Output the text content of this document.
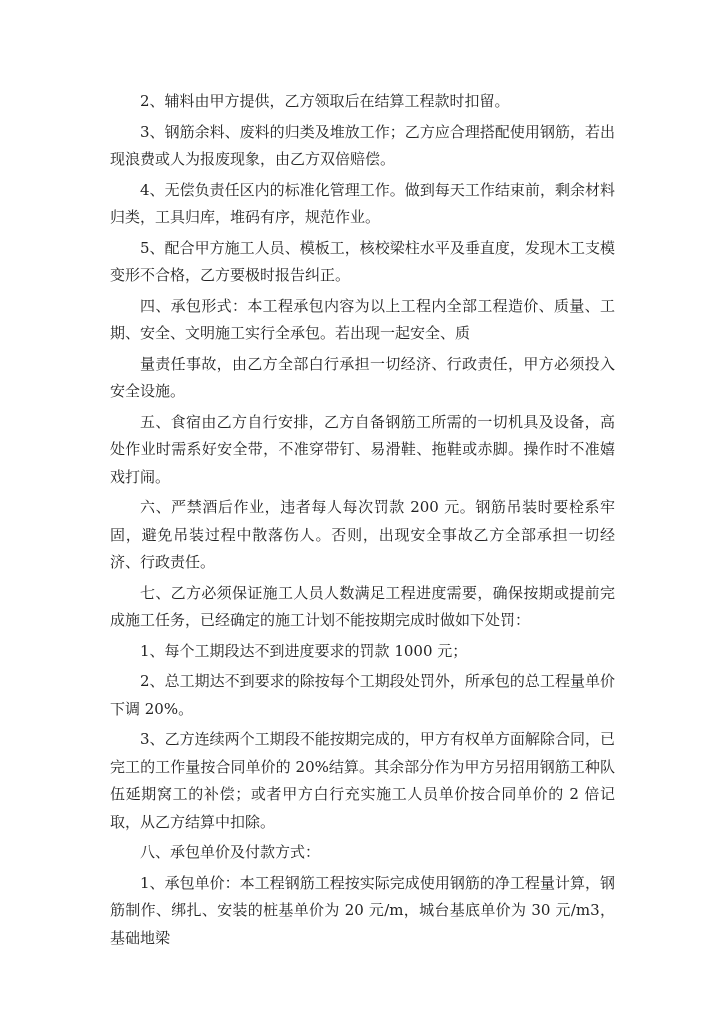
2、辅料由甲方提供，乙方领取后在结算工程款时扣留。

3、钢筋余料、废料的归类及堆放工作；乙方应合理搭配使用钢筋，若出现浪费或人为报废现象，由乙方双倍赔偿。

4、无偿负责任区内的标准化管理工作。做到每天工作结束前，剩余材料归类，工具归库，堆码有序，规范作业。

5、配合甲方施工人员、模板工，核校梁柱水平及垂直度，发现木工支模变形不合格，乙方要极时报告纠正。

四、承包形式：本工程承包内容为以上工程内全部工程造价、质量、工期、安全、文明施工实行全承包。若出现一起安全、质

量责任事故，由乙方全部白行承担一切经济、行政责任，甲方必须投入安全设施。

五、食宿由乙方自行安排，乙方自备钢筋工所需的一切机具及设备，高处作业时需系好安全带，不准穿带钉、易滑鞋、拖鞋或赤脚。操作时不准嬉戏打闹。

六、严禁酒后作业，违者每人每次罚款 200 元。钢筋吊装时要栓系牢固，避免吊装过程中散落伤人。否则，出现安全事故乙方全部承担一切经济、行政责任。

七、乙方必须保证施工人员人数满足工程进度需要，确保按期或提前完成施工任务，已经确定的施工计划不能按期完成时做如下处罚：

1、每个工期段达不到进度要求的罚款 1000 元；

2、总工期达不到要求的除按每个工期段处罚外，所承包的总工程量单价下调 20%。

3、乙方连续两个工期段不能按期完成的，甲方有权单方面解除合同，已完工的工作量按合同单价的 20%结算。其余部分作为甲方另招用钢筋工种队伍延期窝工的补偿；或者甲方白行充实施工人员单价按合同单价的 2 倍记取，从乙方结算中扣除。

八、承包单价及付款方式：

1、承包单价：本工程钢筋工程按实际完成使用钢筋的净工程量计算，钢筋制作、绑扎、安装的桩基单价为 20 元/m，城台基底单价为 30 元/m3，基础地梁
